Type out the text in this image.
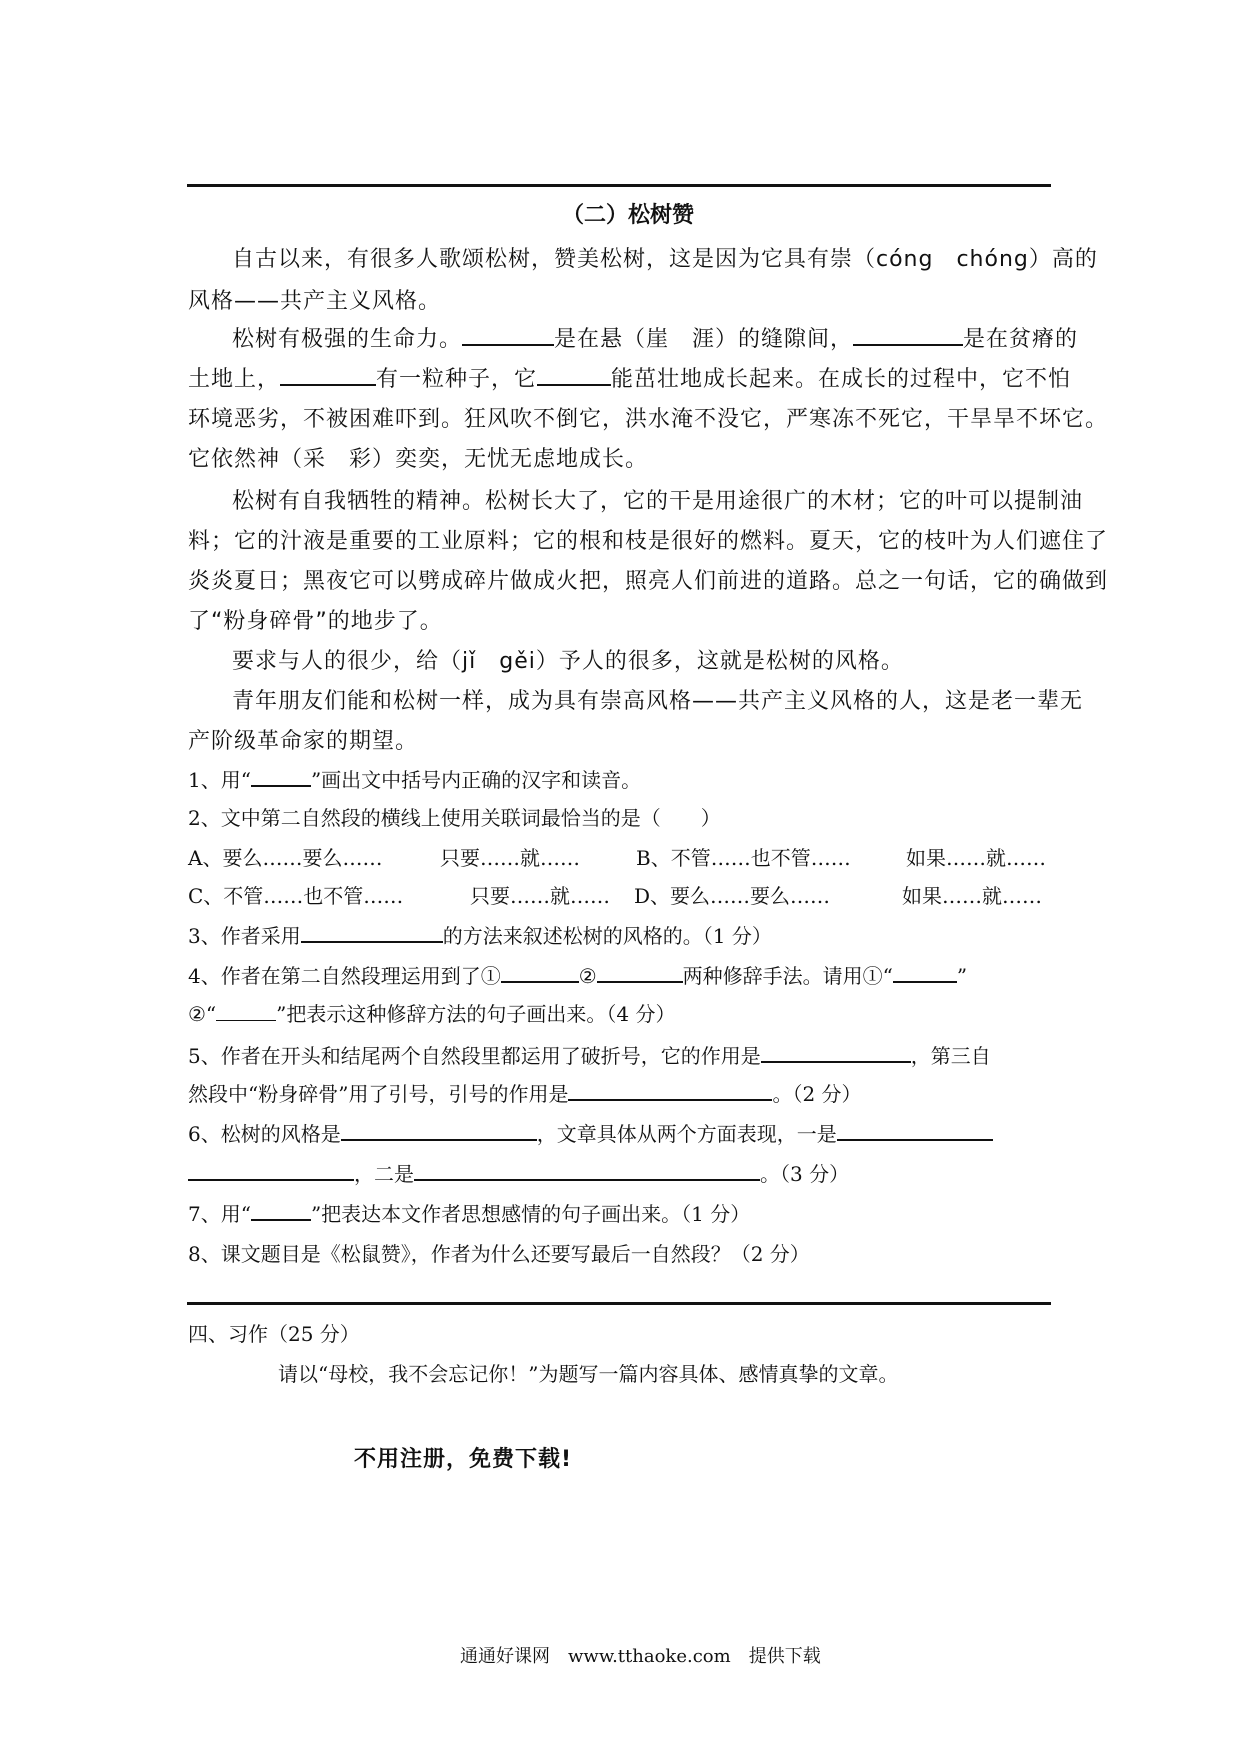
（二）松树赞
自古以来，有很多人歌颂松树，赞美松树，这是因为它具有崇（cóng　chóng）高的
风格——共产主义风格。
松树有极强的生命力。	是在悬（崖　涯）的缝隙间，	是在贫瘠的
土地上，	有一粒种子，它	能茁壮地成长起来。在成长的过程中，它不怕
环境恶劣，不被困难吓到。狂风吹不倒它，洪水淹不没它，严寒冻不死它，干旱旱不坏它。
它依然神（采　彩）奕奕，无忧无虑地成长。
松树有自我牺牲的精神。松树长大了，它的干是用途很广的木材；它的叶可以提制油
料；它的汁液是重要的工业原料；它的根和枝是很好的燃料。夏天，它的枝叶为人们遮住了
炎炎夏日；黑夜它可以劈成碎片做成火把，照亮人们前进的道路。总之一句话，它的确做到
了“粉身碎骨”的地步了。
要求与人的很少，给（jǐ　gěi）予人的很多，这就是松树的风格。
青年朋友们能和松树一样，成为具有崇高风格——共产主义风格的人，这是老一辈无
产阶级革命家的期望。
1、用“	”画出文中括号内正确的汉字和读音。
2、文中第二自然段的横线上使用关联词最恰当的是（　　）
A、要么……要么……	只要……就……	B、不管……也不管……	如果……就……
C、不管……也不管……	只要……就…… D、要么……要么……	如果……就……
3、作者采用	的方法来叙述松树的风格的。（1 分）
4、作者在第二自然段理运用到了①	②	两种修辞手法。请用①“	”
②“	”把表示这种修辞方法的句子画出来。（4 分）
5、作者在开头和结尾两个自然段里都运用了破折号，它的作用是	，第三自
然段中“粉身碎骨”用了引号，引号的作用是	。（2 分）
6、松树的风格是	，文章具体从两个方面表现，一是
，二是	。（3 分）
7、用“	”把表达本文作者思想感情的句子画出来。（1 分）
8、课文题目是《松鼠赞》，作者为什么还要写最后一自然段？（2 分）
四、习作（25 分）
请以“母校，我不会忘记你！”为题写一篇内容具体、感情真挚的文章。
不用注册，免费下载!
通通好课网　www.tthaoke.com　提供下载
